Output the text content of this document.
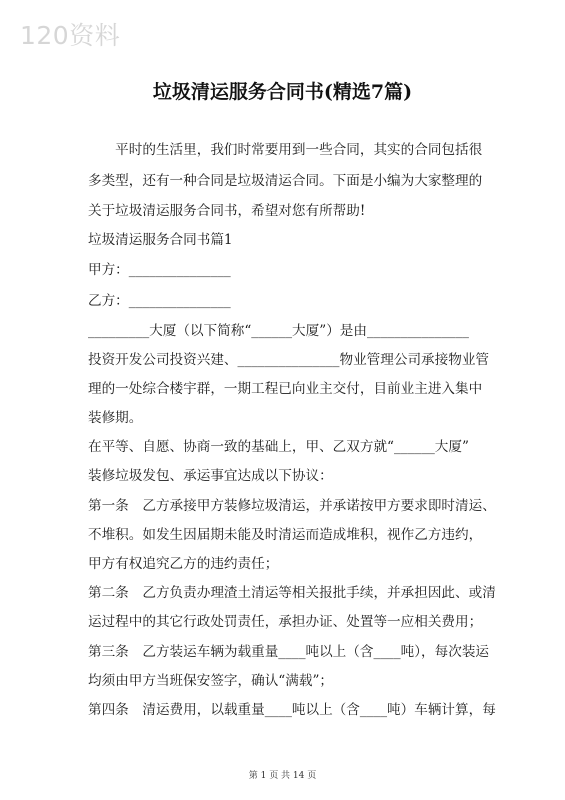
120资料
垃圾清运服务合同书(精选7篇)
　　平时的生活里，我们时常要用到一些合同，其实的合同包括很
多类型，还有一种合同是垃圾清运合同。下面是小编为大家整理的
关于垃圾清运服务合同书，希望对您有所帮助!
垃圾清运服务合同书篇1
甲方：_______________
乙方：_______________
_________大厦（以下简称“______大厦”）是由_______________
投资开发公司投资兴建、_______________物业管理公司承接物业管
理的一处综合楼宇群，一期工程已向业主交付，目前业主进入集中
装修期。
在平等、自愿、协商一致的基础上，甲、乙双方就“______大厦”
装修垃圾发包、承运事宜达成以下协议：
第一条　乙方承接甲方装修垃圾清运，并承诺按甲方要求即时清运、
不堆积。如发生因届期未能及时清运而造成堆积，视作乙方违约，
甲方有权追究乙方的违约责任；
第二条　乙方负责办理渣土清运等相关报批手续，并承担因此、或清
运过程中的其它行政处罚责任，承担办证、处置等一应相关费用；
第三条　乙方装运车辆为载重量____吨以上（含____吨），每次装运
均须由甲方当班保安签字，确认“满载”；
第四条　清运费用，以载重量____吨以上（含____吨）车辆计算，每
第 1 页 共 14 页
